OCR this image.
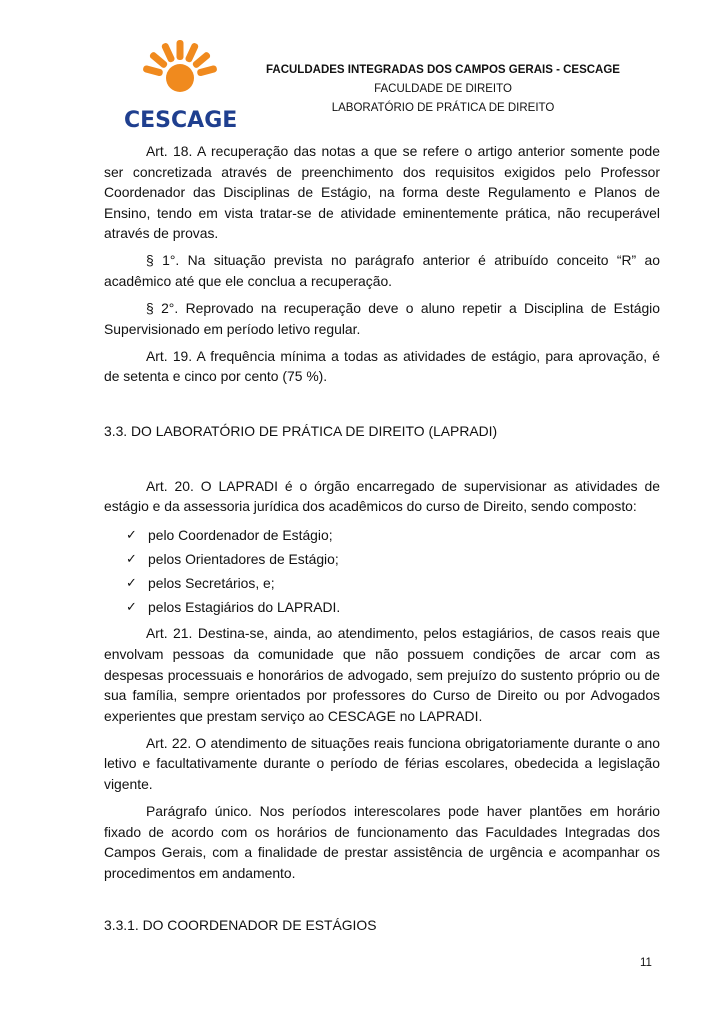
CESCAGE
FACULDADES INTEGRADAS DOS CAMPOS GERAIS - CESCAGE
FACULDADE DE DIREITO
LABORATÓRIO DE PRÁTICA DE DIREITO

Art. 18. A recuperação das notas a que se refere o artigo anterior somente pode ser concretizada através de preenchimento dos requisitos exigidos pelo Professor Coordenador das Disciplinas de Estágio, na forma deste Regulamento e Planos de Ensino, tendo em vista tratar-se de atividade eminentemente prática, não recuperável através de provas.

§ 1°. Na situação prevista no parágrafo anterior é atribuído conceito “R” ao acadêmico até que ele conclua a recuperação.

§ 2°. Reprovado na recuperação deve o aluno repetir a Disciplina de Estágio Supervisionado em período letivo regular.

Art. 19. A frequência mínima a todas as atividades de estágio, para aprovação, é de setenta e cinco por cento (75 %).

3.3. DO LABORATÓRIO DE PRÁTICA DE DIREITO (LAPRADI)

Art. 20. O LAPRADI é o órgão encarregado de supervisionar as atividades de estágio e da assessoria jurídica dos acadêmicos do curso de Direito, sendo composto:

✓ pelo Coordenador de Estágio;
✓ pelos Orientadores de Estágio;
✓ pelos Secretários, e;
✓ pelos Estagiários do LAPRADI.

Art. 21. Destina-se, ainda, ao atendimento, pelos estagiários, de casos reais que envolvam pessoas da comunidade que não possuem condições de arcar com as despesas processuais e honorários de advogado, sem prejuízo do sustento próprio ou de sua família, sempre orientados por professores do Curso de Direito ou por Advogados experientes que prestam serviço ao CESCAGE no LAPRADI.

Art. 22. O atendimento de situações reais funciona obrigatoriamente durante o ano letivo e facultativamente durante o período de férias escolares, obedecida a legislação vigente.

Parágrafo único. Nos períodos interescolares pode haver plantões em horário fixado de acordo com os horários de funcionamento das Faculdades Integradas dos Campos Gerais, com a finalidade de prestar assistência de urgência e acompanhar os procedimentos em andamento.

3.3.1. DO COORDENADOR DE ESTÁGIOS

11
